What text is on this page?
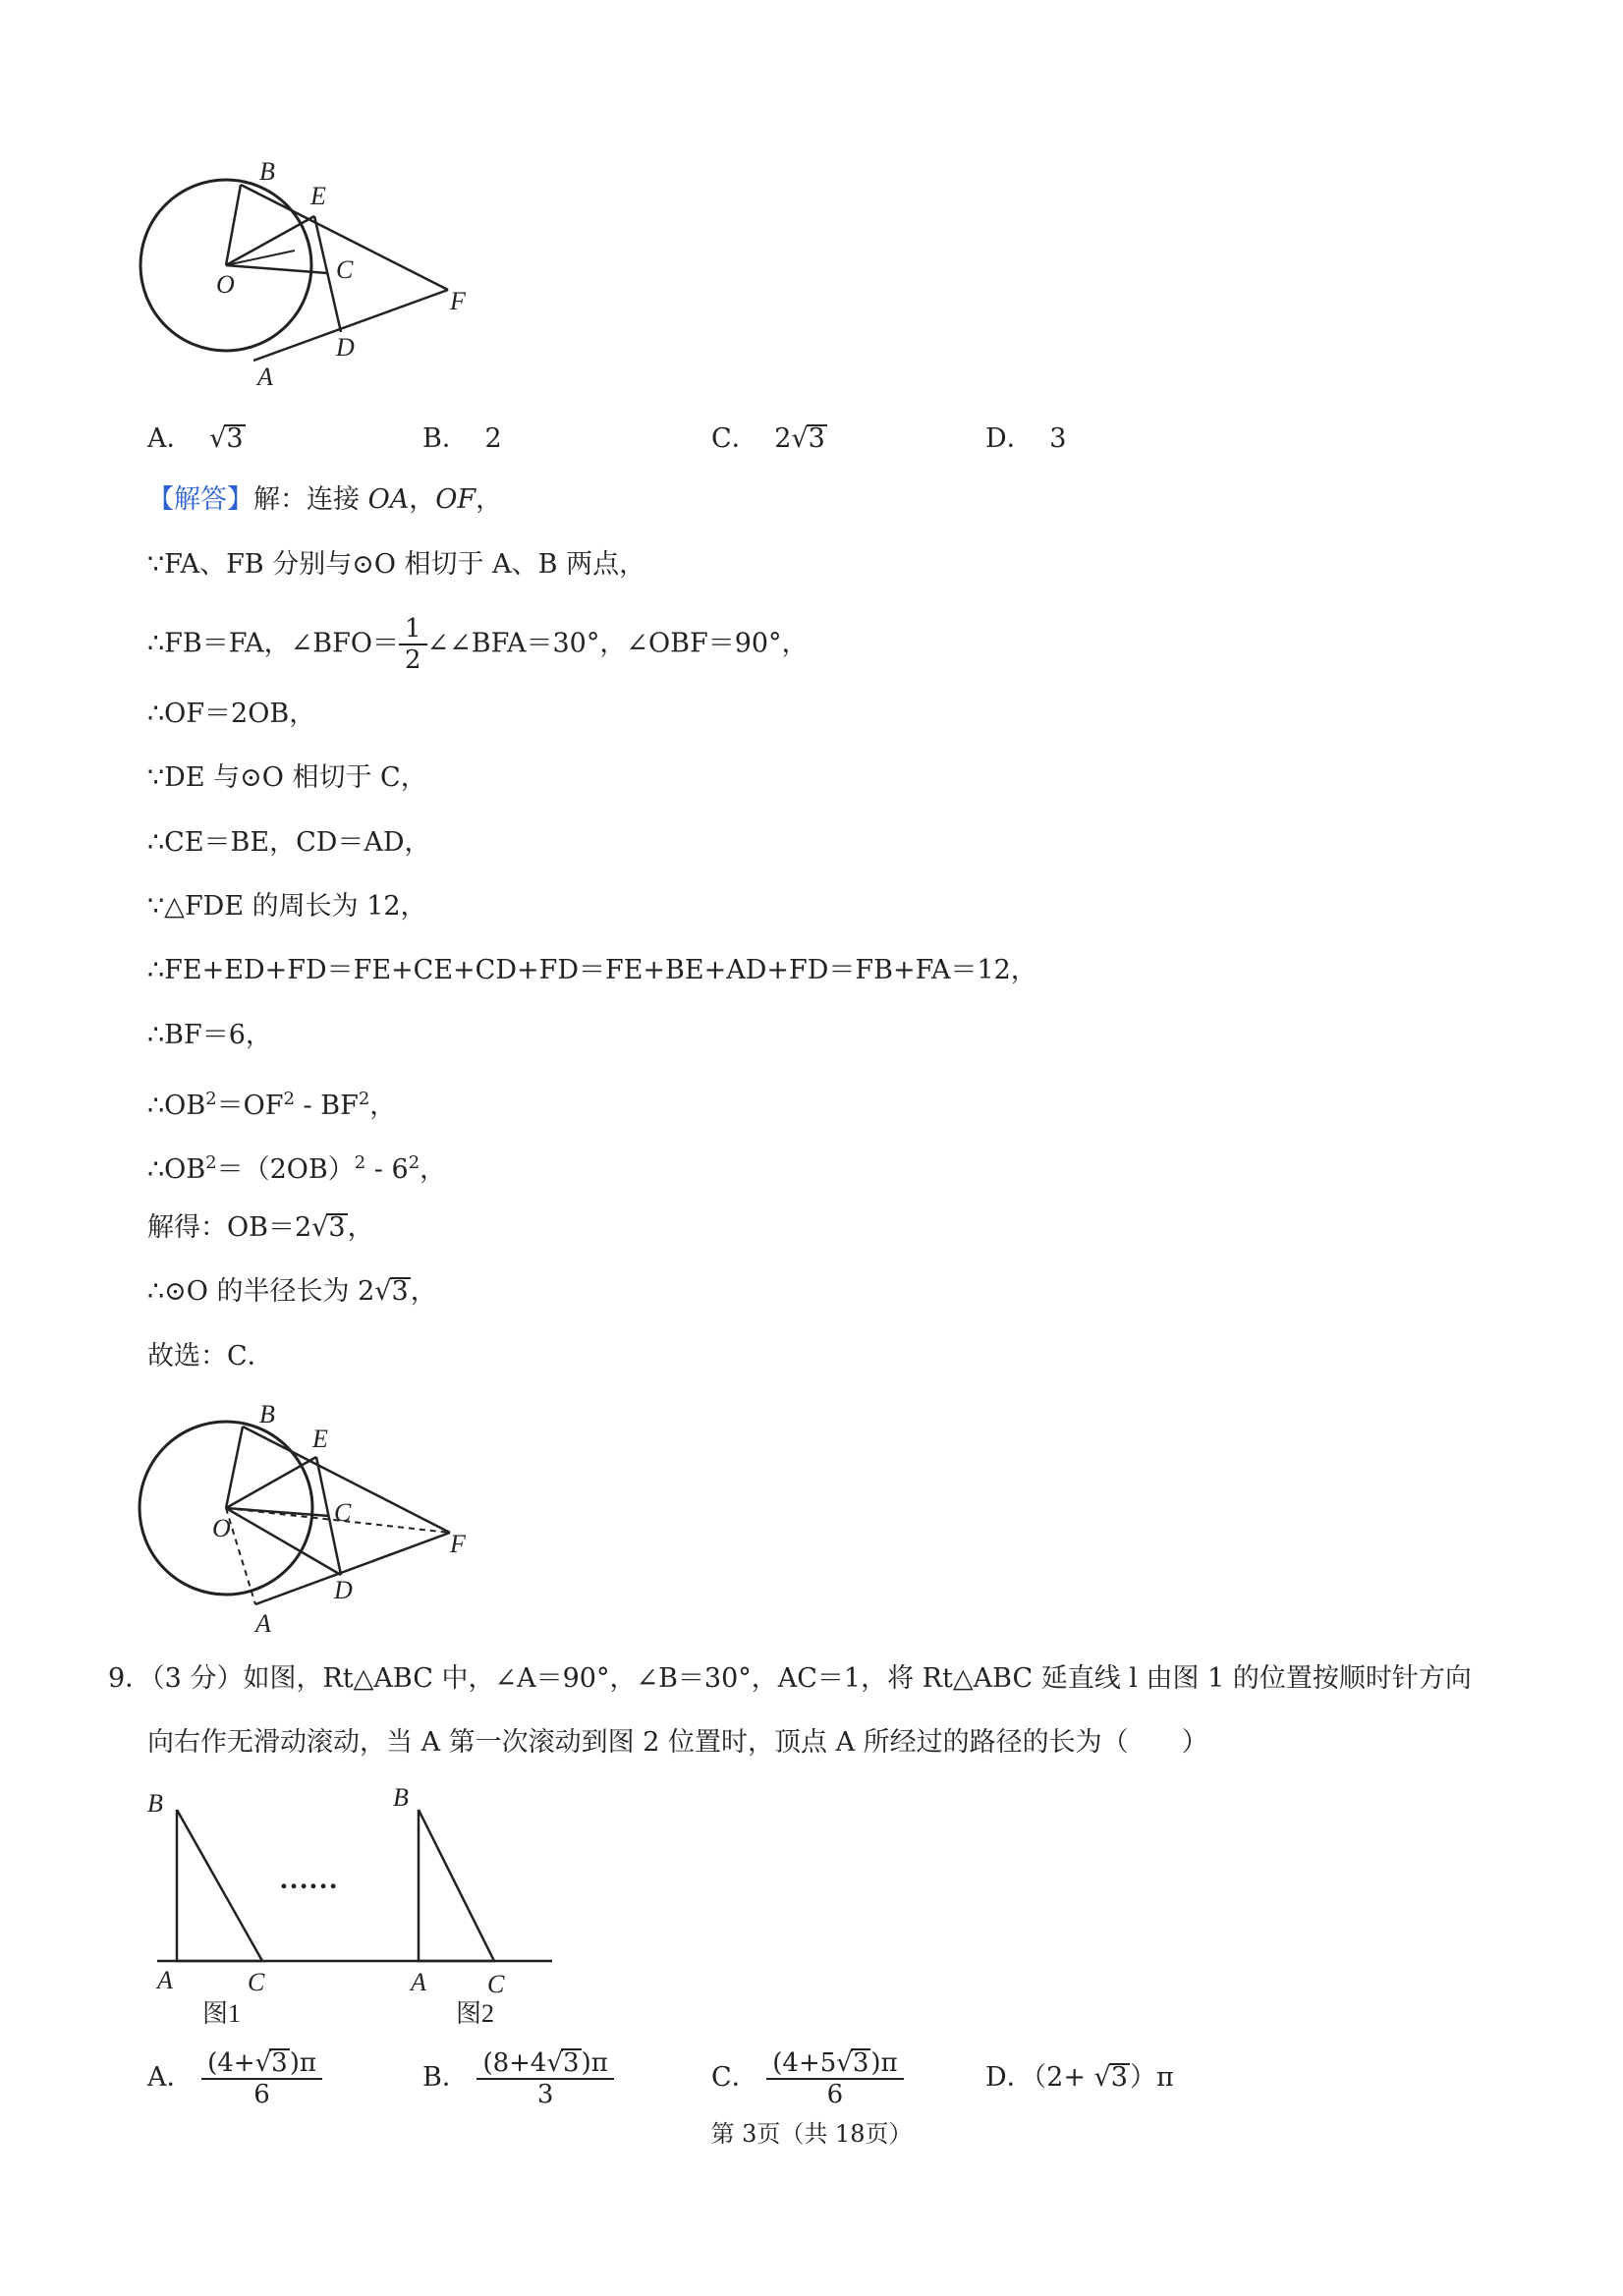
B
E
O
C
F
D
A
A． √3	B． 2	C． 2√3	D． 3
【解答】解：连接 OA，OF，
∵FA、FB 分别与⊙O 相切于 A、B 两点，
∴FB＝FA，∠BFO＝ $\frac{1}{2}$ ∠∠BFA＝30°，∠OBF＝90°，
∴OF＝2OB，
∵DE 与⊙O 相切于 C，
∴CE＝BE，CD＝AD，
∵△FDE 的周长为 12，
∴FE+ED+FD＝FE+CE+CD+FD＝FE+BE+AD+FD＝FB+FA＝12，
∴BF＝6，
$\therefore OB^2=OF^2 - BF^2$，
$\therefore OB^2=(2OB)^2 - 6^2$，
解得：OB＝2√3，
∴⊙O 的半径长为 2√3，
故选：C．
B
E
O
C
F
D
A
9．（3 分）如图，Rt△ABC 中，∠A＝90°，∠B＝30°，AC＝1，将 Rt△ABC 延直线 l 由图 1 的位置按顺时针方向
向右作无滑动滚动，当 A 第一次滚动到图 2 位置时，顶点 A 所经过的路径的长为（　　）
B
A	C
图1
……
B
A C
图2
A． $\frac{(4+√3)\pi}{6}$	B． $\frac{(8+4√3)\pi}{3}$	C． $\frac{(4+5√3)\pi}{6}$	D．（2+ √3）π
第 3页（共 18页）
